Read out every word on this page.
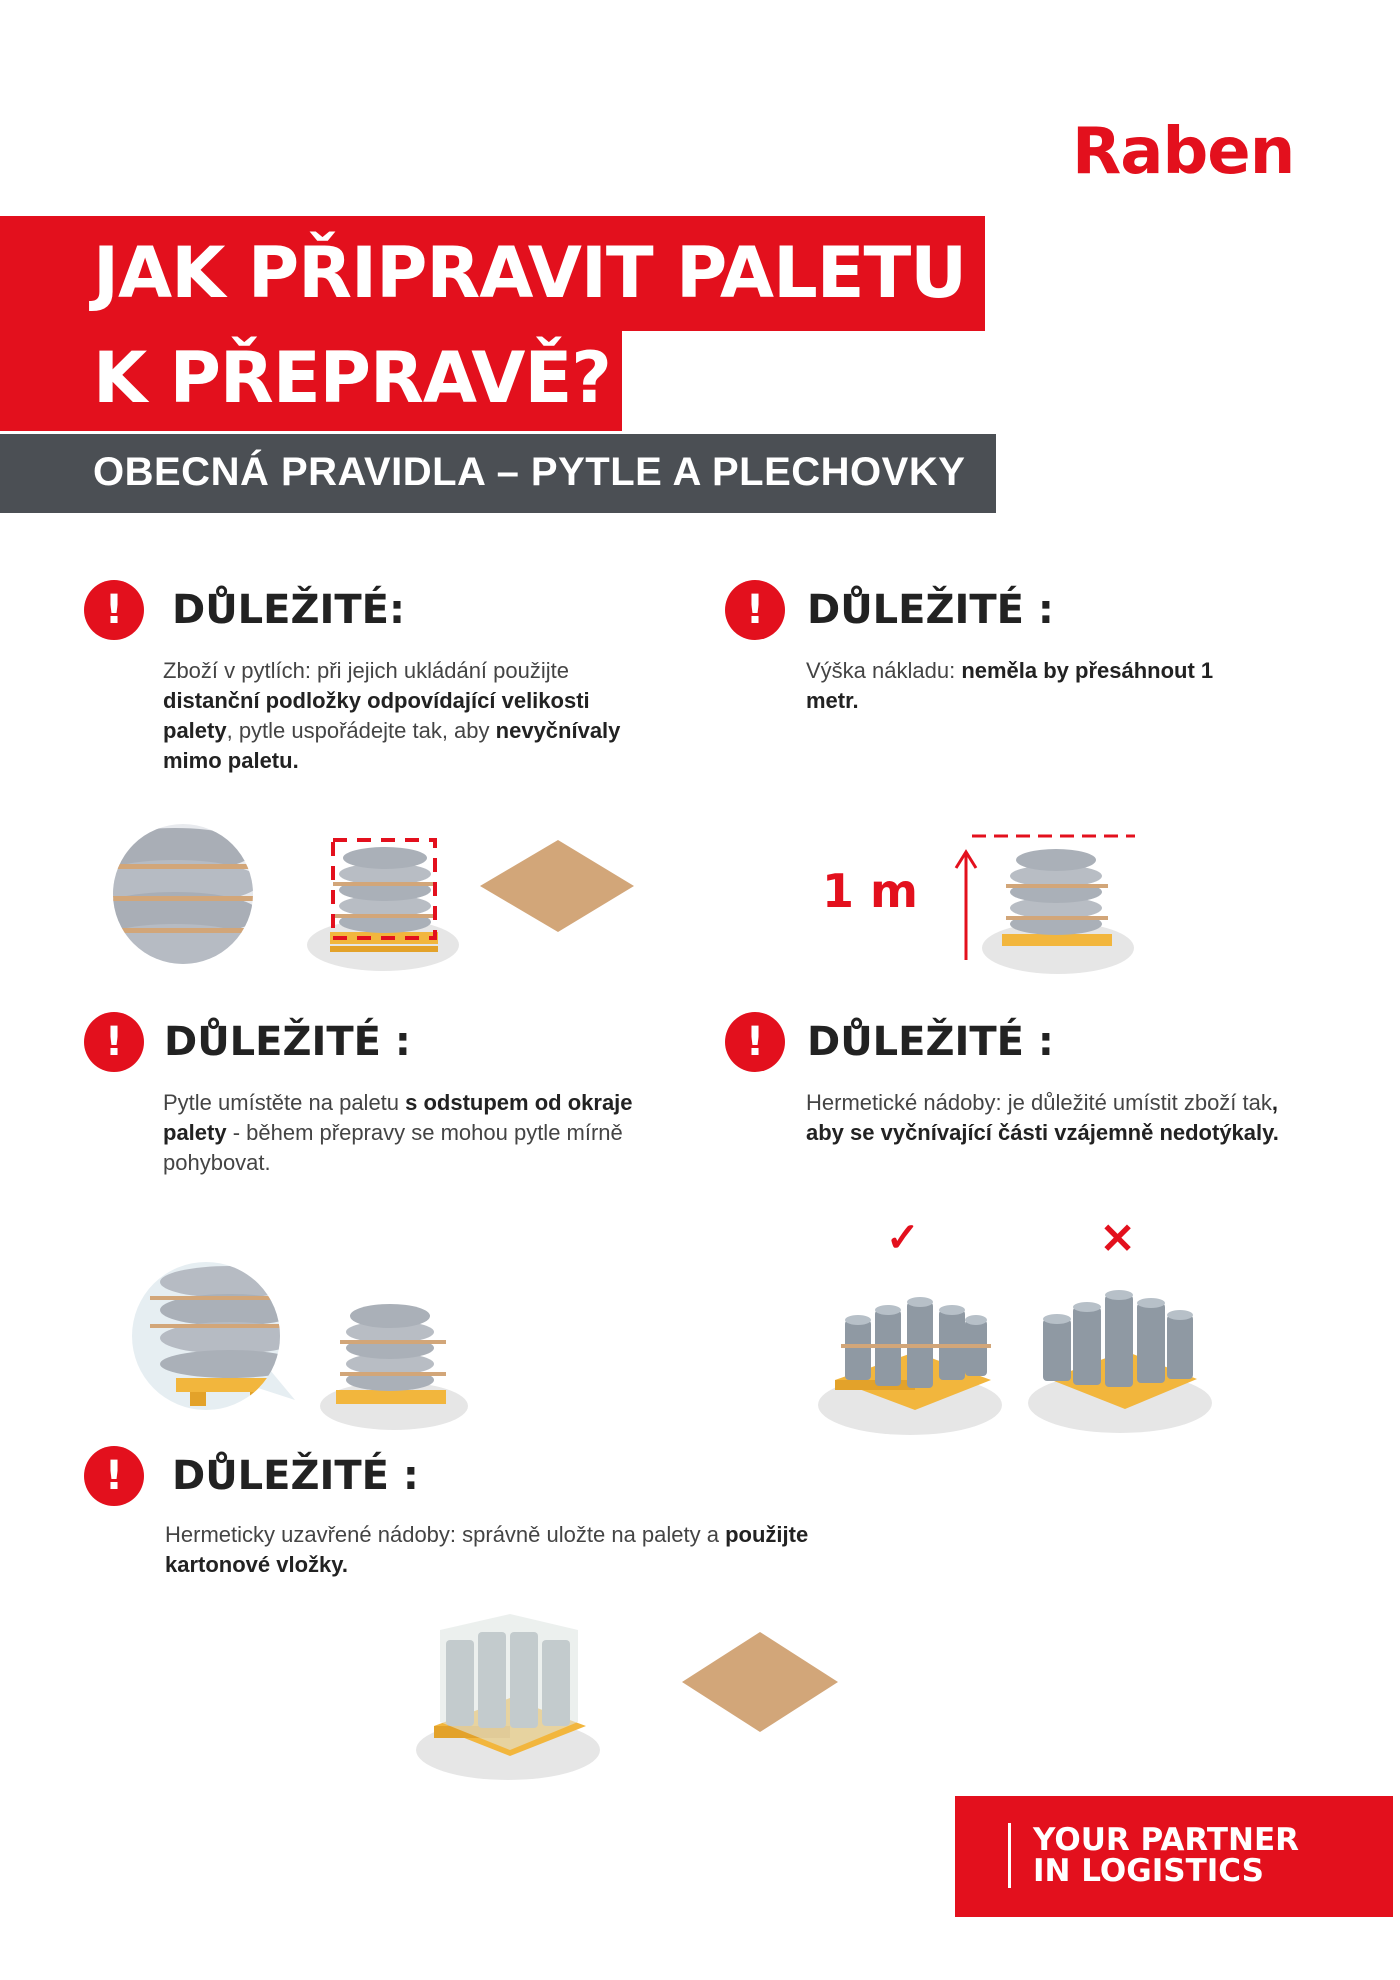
Raben
JAK PŘIPRAVIT PALETU
K PŘEPRAVĚ?
OBECNÁ PRAVIDLA – PYTLE A PLECHOVKY
!	DŮLEŽITÉ:
Zboží v pytlích: při jejich ukládání použijte distanční podložky odpovídající velikosti palety, pytle uspořádejte tak, aby nevyčnívaly mimo paletu.
!	DŮLEŽITÉ :
Výška nákladu: neměla by přesáhnout 1 metr.
1 m
!	DŮLEŽITÉ :
Pytle umístěte na paletu s odstupem od okraje palety - během přepravy se mohou pytle mírně pohybovat.
!	DŮLEŽITÉ :
Hermetické nádoby: je důležité umístit zboží tak, aby se vyčnívající části vzájemně nedotýkaly.
✓	✕
!	DŮLEŽITÉ :
Hermeticky uzavřené nádoby: správně uložte na palety a použijte kartonové vložky.
YOUR PARTNER
IN LOGISTICS
